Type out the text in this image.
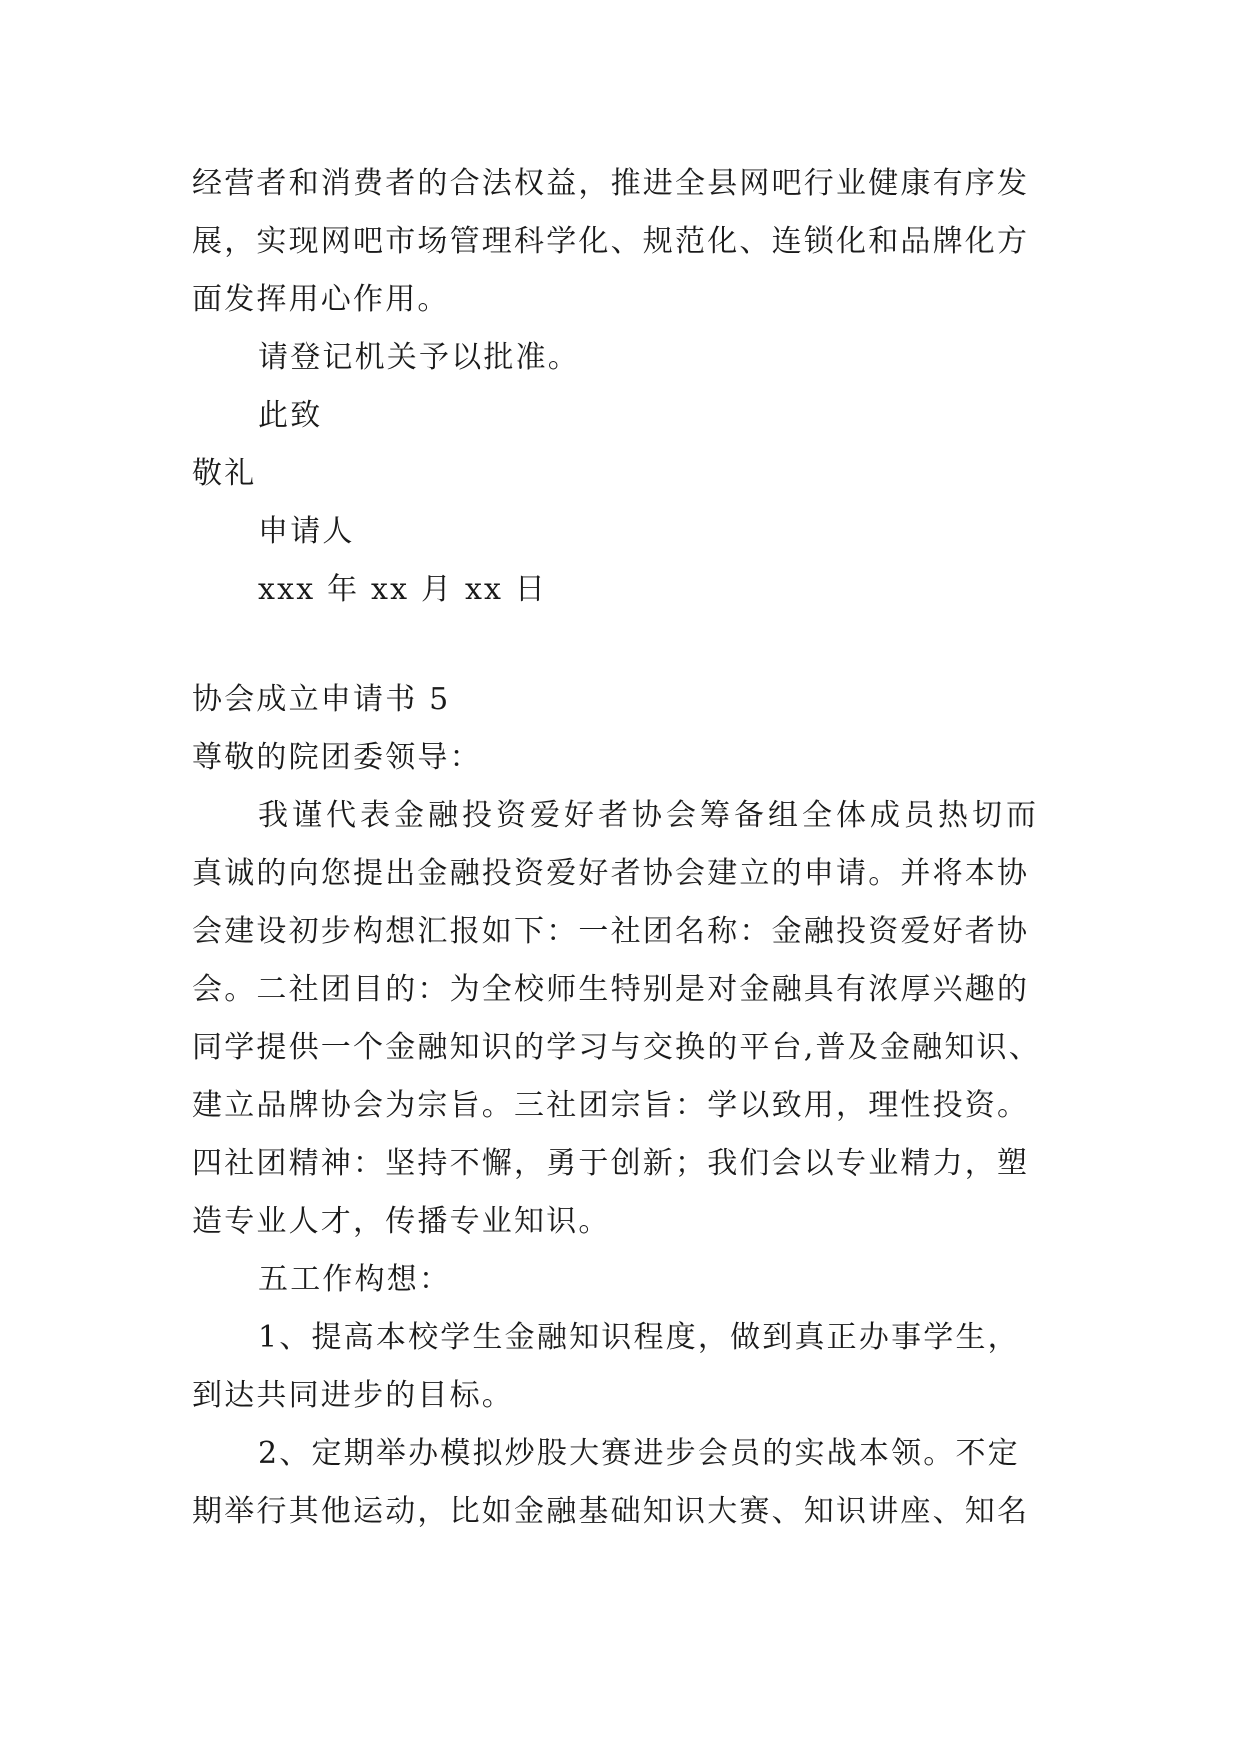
经营者和消费者的合法权益，推进全县网吧行业健康有序发
展，实现网吧市场管理科学化、规范化、连锁化和品牌化方
面发挥用心作用。
请登记机关予以批准。
此致
敬礼
申请人
xxx 年 xx 月 xx 日
协会成立申请书 5
尊敬的院团委领导：
我谨代表金融投资爱好者协会筹备组全体成员热切而
真诚的向您提出金融投资爱好者协会建立的申请。并将本协
会建设初步构想汇报如下：一社团名称：金融投资爱好者协
会。二社团目的：为全校师生特别是对金融具有浓厚兴趣的
同学提供一个金融知识的学习与交换的平台,普及金融知识、
建立品牌协会为宗旨。三社团宗旨：学以致用，理性投资。
四社团精神：坚持不懈，勇于创新；我们会以专业精力，塑
造专业人才，传播专业知识。
五工作构想：
1、提高本校学生金融知识程度，做到真正办事学生，
到达共同进步的目标。
2、定期举办模拟炒股大赛进步会员的实战本领。不定
期举行其他运动，比如金融基础知识大赛、知识讲座、知名
